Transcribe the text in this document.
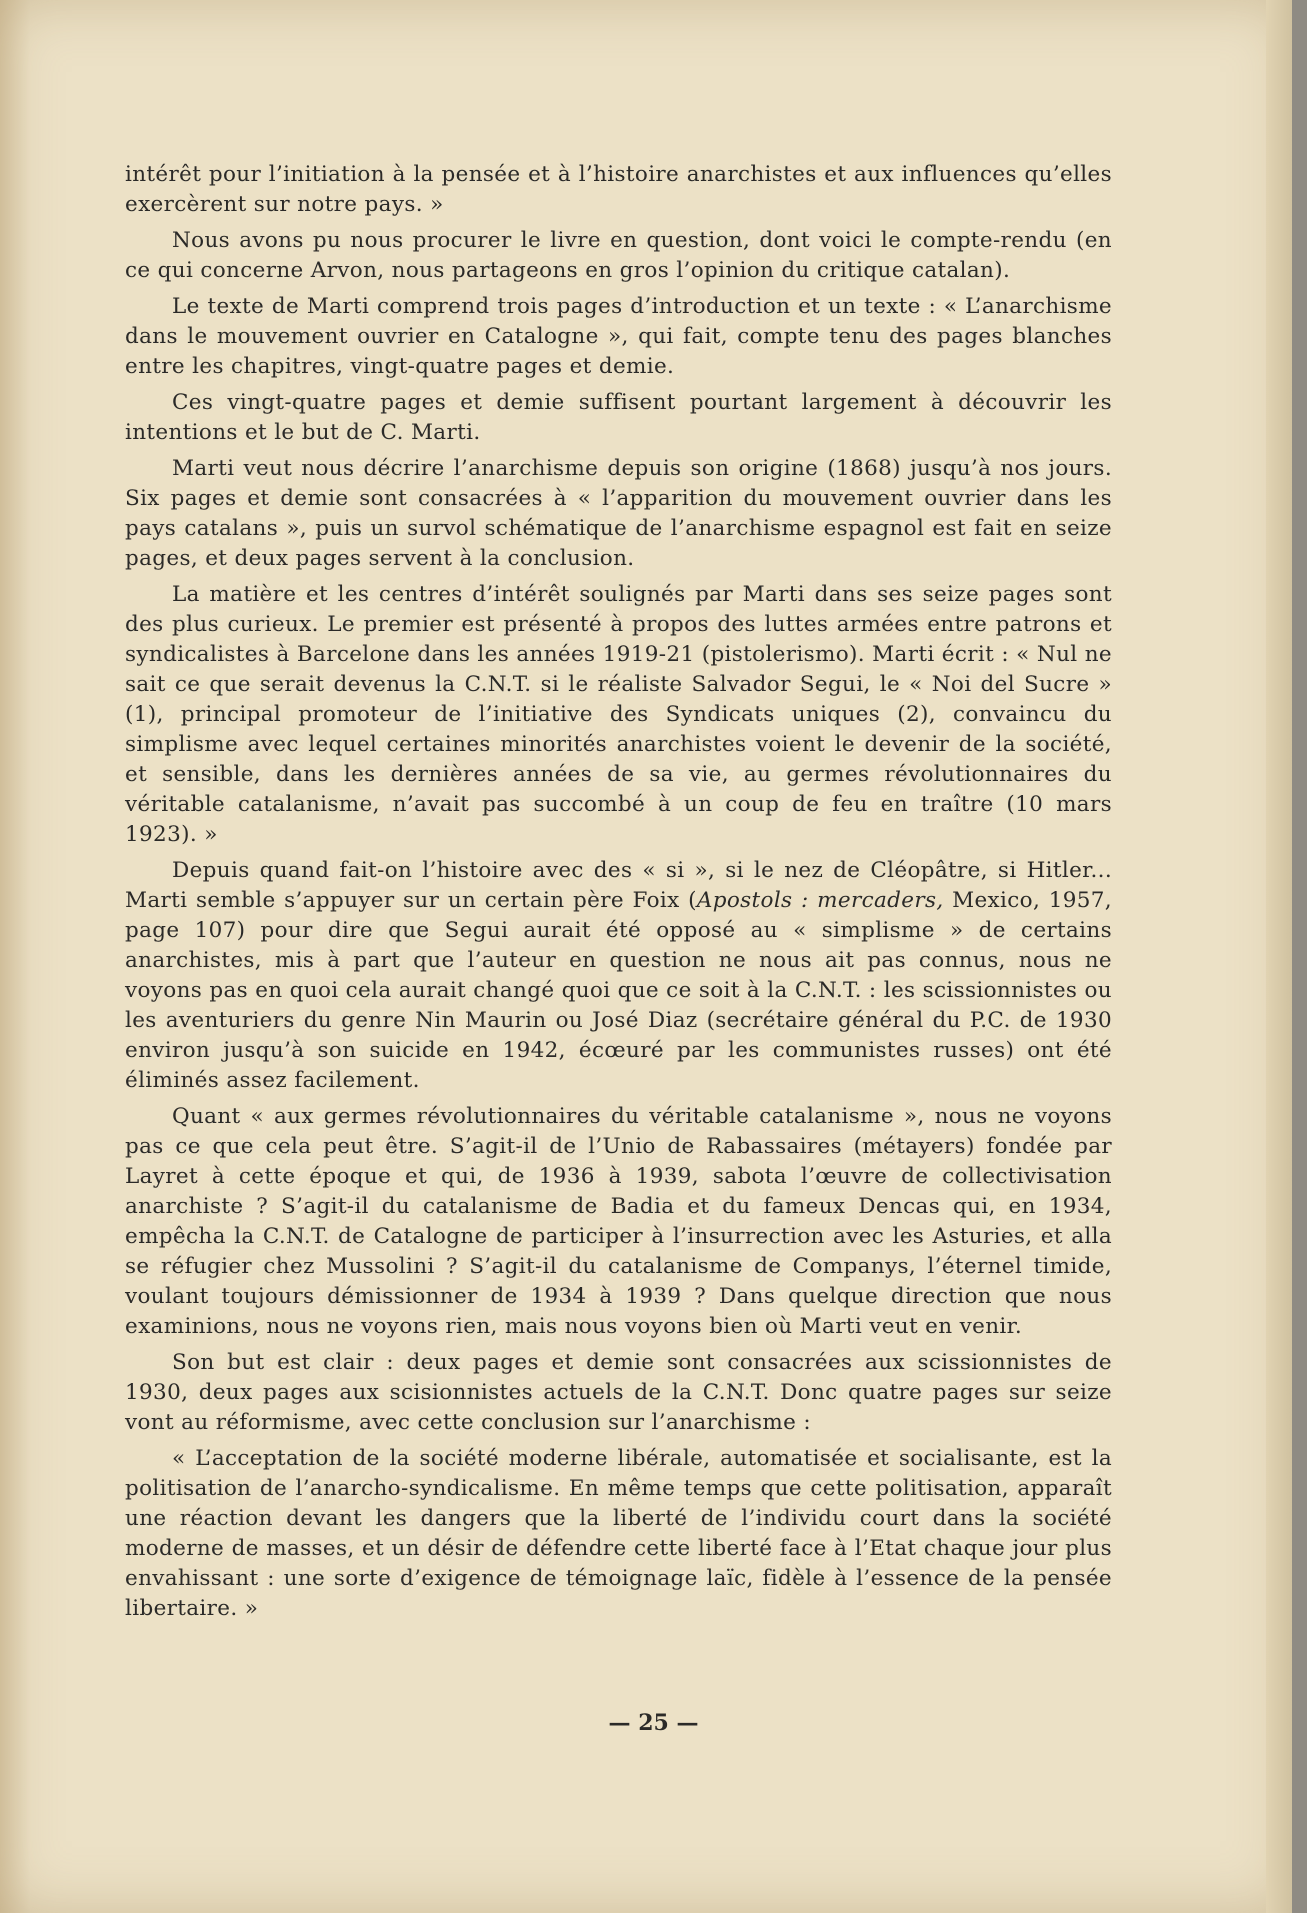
intérêt pour l’initiation à la pensée et à l’histoire anarchistes et aux influences qu’elles exercèrent sur notre pays. »

Nous avons pu nous procurer le livre en question, dont voici le compte-rendu (en ce qui concerne Arvon, nous partageons en gros l’opinion du critique catalan).

Le texte de Marti comprend trois pages d’introduction et un texte : « L’anarchisme dans le mouvement ouvrier en Catalogne », qui fait, compte tenu des pages blanches entre les chapitres, vingt-quatre pages et demie.

Ces vingt-quatre pages et demie suffisent pourtant largement à découvrir les intentions et le but de C. Marti.

Marti veut nous décrire l’anarchisme depuis son origine (1868) jusqu’à nos jours. Six pages et demie sont consacrées à « l’apparition du mouvement ouvrier dans les pays catalans », puis un survol schématique de l’anarchisme espagnol est fait en seize pages, et deux pages servent à la conclusion.

La matière et les centres d’intérêt soulignés par Marti dans ses seize pages sont des plus curieux. Le premier est présenté à propos des luttes armées entre patrons et syndicalistes à Barcelone dans les années 1919-21 (pistolerismo). Marti écrit : « Nul ne sait ce que serait devenus la C.N.T. si le réaliste Salvador Segui, le « Noi del Sucre » (1), principal promoteur de l’initiative des Syndicats uniques (2), convaincu du simplisme avec lequel certaines minorités anarchistes voient le devenir de la société, et sensible, dans les dernières années de sa vie, au germes révolutionnaires du véritable catalanisme, n’avait pas succombé à un coup de feu en traître (10 mars 1923). »

Depuis quand fait-on l’histoire avec des « si », si le nez de Cléopâtre, si Hitler... Marti semble s’appuyer sur un certain père Foix (Apostols : mercaders, Mexico, 1957, page 107) pour dire que Segui aurait été opposé au « simplisme » de certains anarchistes, mis à part que l’auteur en question ne nous ait pas connus, nous ne voyons pas en quoi cela aurait changé quoi que ce soit à la C.N.T. : les scissionnistes ou les aventuriers du genre Nin Maurin ou José Diaz (secrétaire général du P.C. de 1930 environ jusqu’à son suicide en 1942, écœuré par les communistes russes) ont été éliminés assez facilement.

Quant « aux germes révolutionnaires du véritable catalanisme », nous ne voyons pas ce que cela peut être. S’agit-il de l’Unio de Rabassaires (métayers) fondée par Layret à cette époque et qui, de 1936 à 1939, sabota l’œuvre de collectivisation anarchiste ? S’agit-il du catalanisme de Badia et du fameux Dencas qui, en 1934, empêcha la C.N.T. de Catalogne de participer à l’insurrection avec les Asturies, et alla se réfugier chez Mussolini ? S’agit-il du catalanisme de Companys, l’éternel timide, voulant toujours démissionner de 1934 à 1939 ? Dans quelque direction que nous examinions, nous ne voyons rien, mais nous voyons bien où Marti veut en venir.

Son but est clair : deux pages et demie sont consacrées aux scissionnistes de 1930, deux pages aux scisionnistes actuels de la C.N.T. Donc quatre pages sur seize vont au réformisme, avec cette conclusion sur l’anarchisme :

« L’acceptation de la société moderne libérale, automatisée et socialisante, est la politisation de l’anarcho-syndicalisme. En même temps que cette politisation, apparaît une réaction devant les dangers que la liberté de l’individu court dans la société moderne de masses, et un désir de défendre cette liberté face à l’Etat chaque jour plus envahissant : une sorte d’exigence de témoignage laïc, fidèle à l’essence de la pensée libertaire. »

— 25 —
